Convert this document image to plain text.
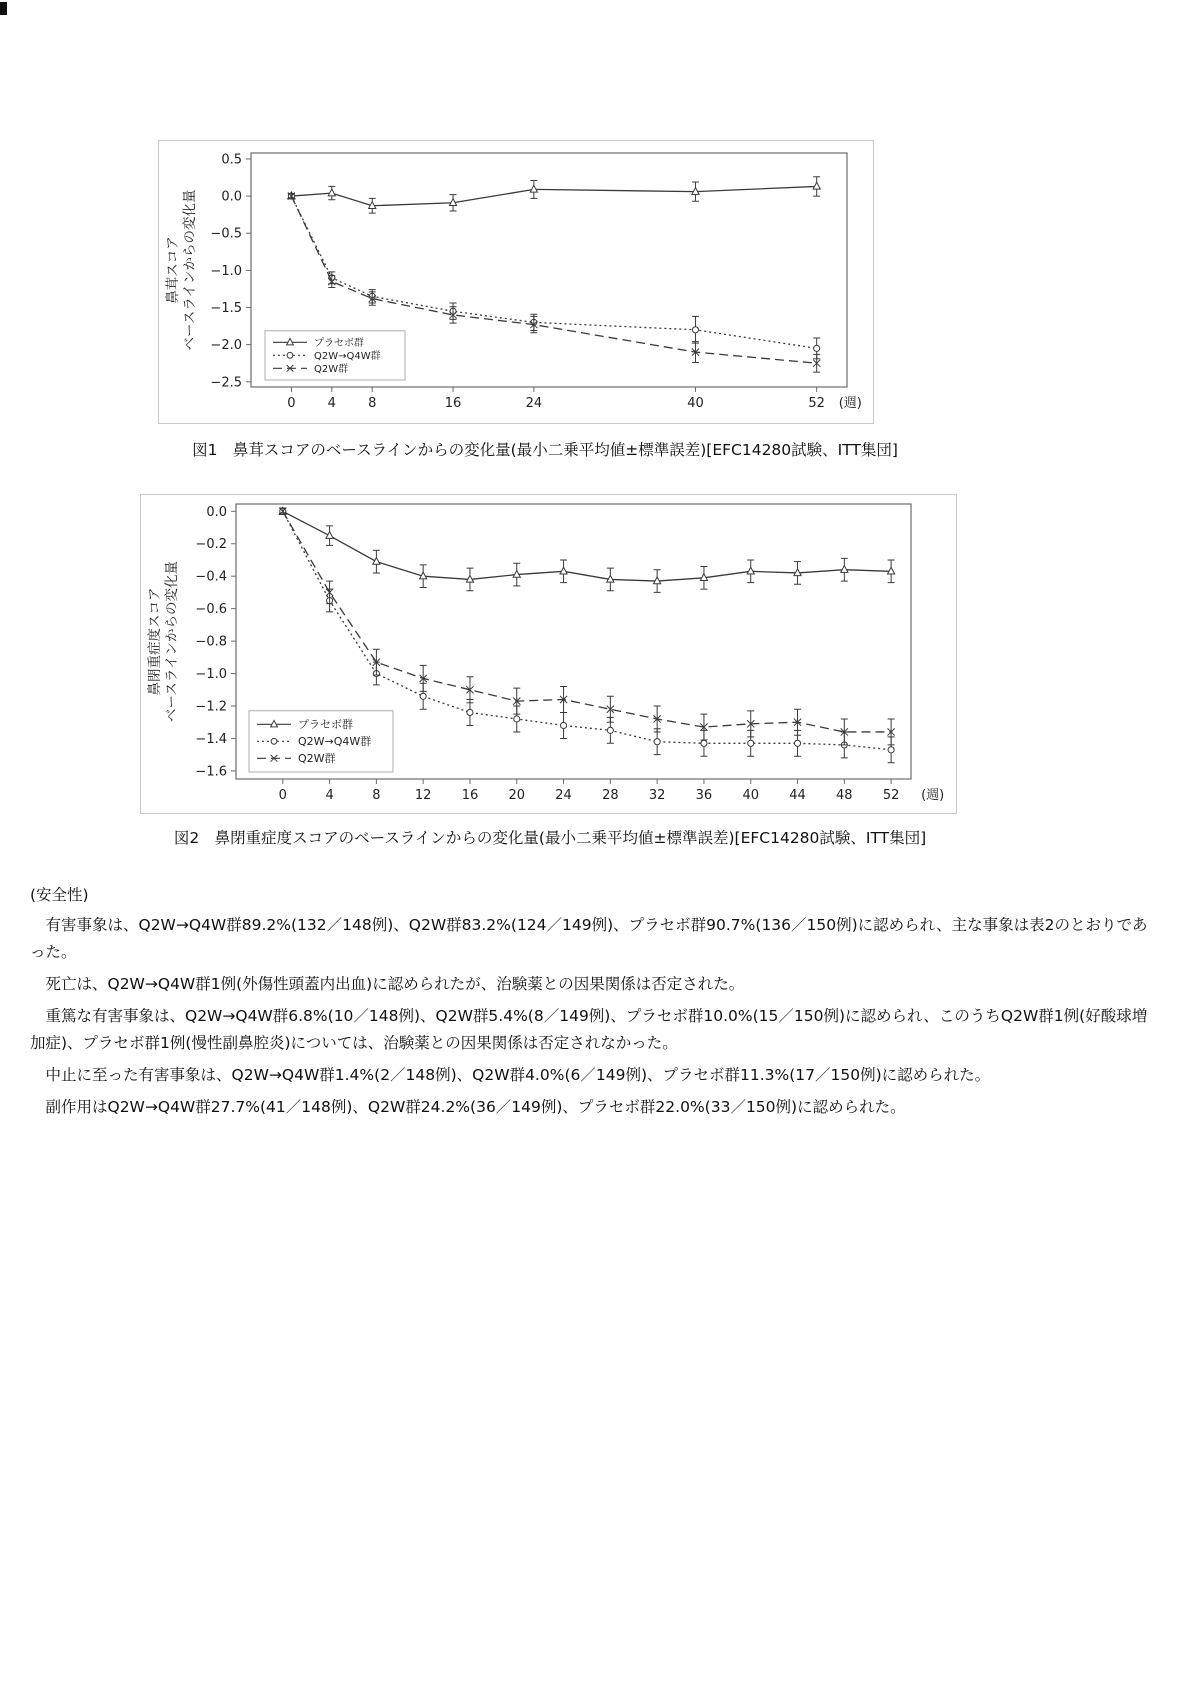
0.5
0.0
−0.5
−1.0
−1.5
−2.0
−2.5
0 4 8	16	24	40	52 (週)
鼻茸スコア ベースラインからの変化量	プラセボ群
Q2W→Q4W群
Q2W群
図1　鼻茸スコアのベースラインからの変化量(最小二乗平均値±標準誤差)[EFC14280試験、ITT集団]
0.0
−0.2
−0.4
−0.6
−0.8
−1.0
−1.2
−1.4
−1.6
0	4	8	12 16 20 24 28 32 36 40 44 48 52 (週)
鼻閉重症度スコア ベースラインからの変化量
プラセボ群
Q2W→Q4W群
Q2W群
図2　鼻閉重症度スコアのベースラインからの変化量(最小二乗平均値±標準誤差)[EFC14280試験、ITT集団]

(安全性)

有害事象は、Q2W→Q4W群89.2%(132／148例)、Q2W群83.2%(124／149例)、プラセボ群90.7%(136／150例)に認められ、主な事象は表2のとおりであった。

死亡は、Q2W→Q4W群1例(外傷性頭蓋内出血)に認められたが、治験薬との因果関係は否定された。

重篤な有害事象は、Q2W→Q4W群6.8%(10／148例)、Q2W群5.4%(8／149例)、プラセボ群10.0%(15／150例)に認められ、このうちQ2W群1例(好酸球増加症)、プラセボ群1例(慢性副鼻腔炎)については、治験薬との因果関係は否定されなかった。

中止に至った有害事象は、Q2W→Q4W群1.4%(2／148例)、Q2W群4.0%(6／149例)、プラセボ群11.3%(17／150例)に認められた。

副作用はQ2W→Q4W群27.7%(41／148例)、Q2W群24.2%(36／149例)、プラセボ群22.0%(33／150例)に認められた。
